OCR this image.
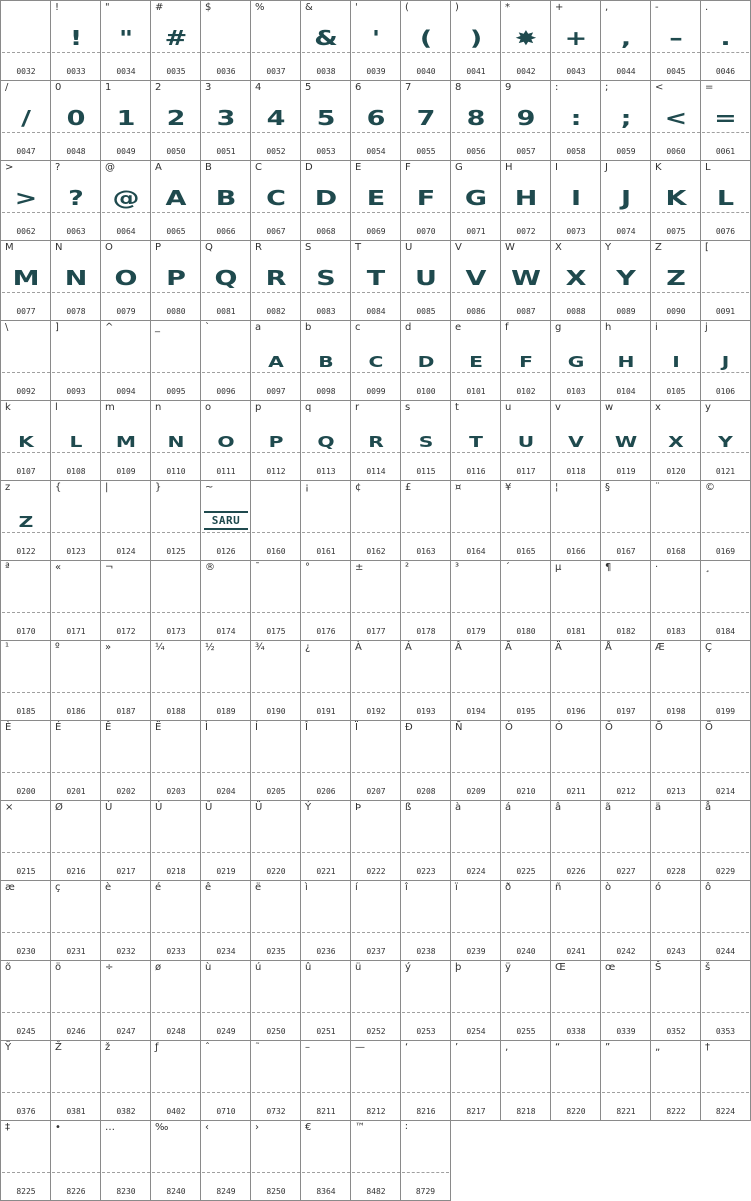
0032
!
!
0033
"
"
0034
#
#
0035
$
0036
%
0037
&
&
0038
'
'
0039
(
(
0040
)
)
0041
*
✸
0042
+
+
0043
,
,
0044
-
–
0045
.
.
0046
/
/
0047
0
0
0048
1
1
0049
2
2
0050
3
3
0051
4
4
0052
5
5
0053
6
6
0054
7
7
0055
8
8
0056
9
9
0057
:
:
0058
;
;
0059
<
<
0060
=
=
0061
>
>
0062
?
?
0063
@
@
0064
A
A
0065
B
B
0066
C
C
0067
D
D
0068
E
E
0069
F
F
0070
G
G
0071
H
H
0072
I
I
0073
J
J
0074
K
K
0075
L
L
0076
M
M
0077
N
N
0078
O
O
0079
P
P
0080
Q
Q
0081
R
R
0082
S
S
0083
T
T
0084
U
U
0085
V
V
0086
W
W
0087
X
X
0088
Y
Y
0089
Z
Z
0090
[
0091
\
0092
]
0093
^
0094
_
0095
`
0096
a
A
0097
b
B
0098
c
C
0099
d
D
0100
e
E
0101
f
F
0102
g
G
0103
h
H
0104
i
I
0105
j
J
0106
k
K
0107
l
L
0108
m
M
0109
n
N
0110
o
O
0111
p
P
0112
q
Q
0113
r
R
0114
s
S
0115
t
T
0116
u
U
0117
v
V
0118
w
W
0119
x
X
0120
y
Y
0121
z
Z
0122
{
0123
|
0124
}
0125
~
SARU
0126	0160
¡
0161
¢
0162
£
0163
¤
0164
¥
0165
¦
0166
§
0167
¨
0168
©
0169
ª
0170
«
0171
¬
0172	0173
®
0174
¯
0175
°
0176
±
0177
²
0178
³
0179
´
0180
µ
0181
¶
0182
·
0183
¸
0184
¹
0185
º
0186
»
0187
¼
0188
½
0189
¾
0190
¿
0191
À
0192
Á
0193
Â
0194
Ã
0195
Ä
0196
Å
0197
Æ
0198
Ç
0199
È
0200
É
0201
Ê
0202
Ë
0203
Ì
0204
Í
0205
Î
0206
Ï
0207
Ð
0208
Ñ
0209
Ò
0210
Ó
0211
Ô
0212
Õ
0213
Ö
0214
×
0215
Ø
0216
Ù
0217
Ú
0218
Û
0219
Ü
0220
Ý
0221
Þ
0222
ß
0223
à
0224
á
0225
â
0226
ã
0227
ä
0228
å
0229
æ
0230
ç
0231
è
0232
é
0233
ê
0234
ë
0235
ì
0236
í
0237
î
0238
ï
0239
ð
0240
ñ
0241
ò
0242
ó
0243
ô
0244
õ
0245
ö
0246
÷
0247
ø
0248
ù
0249
ú
0250
û
0251
ü
0252
ý
0253
þ
0254
ÿ
0255
Œ
0338
œ
0339
Š
0352
š
0353
Ÿ
0376
Ž
0381
ž
0382
ƒ
0402
ˆ
0710
˜
0732
–
8211
—
8212
‘
8216
’
8217
‚
8218
“
8220
”
8221
„
8222
†
8224
‡
8225
•
8226
…
8230
‰
8240
‹
8249
›
8250
€
8364
™
8482
∶
8729
